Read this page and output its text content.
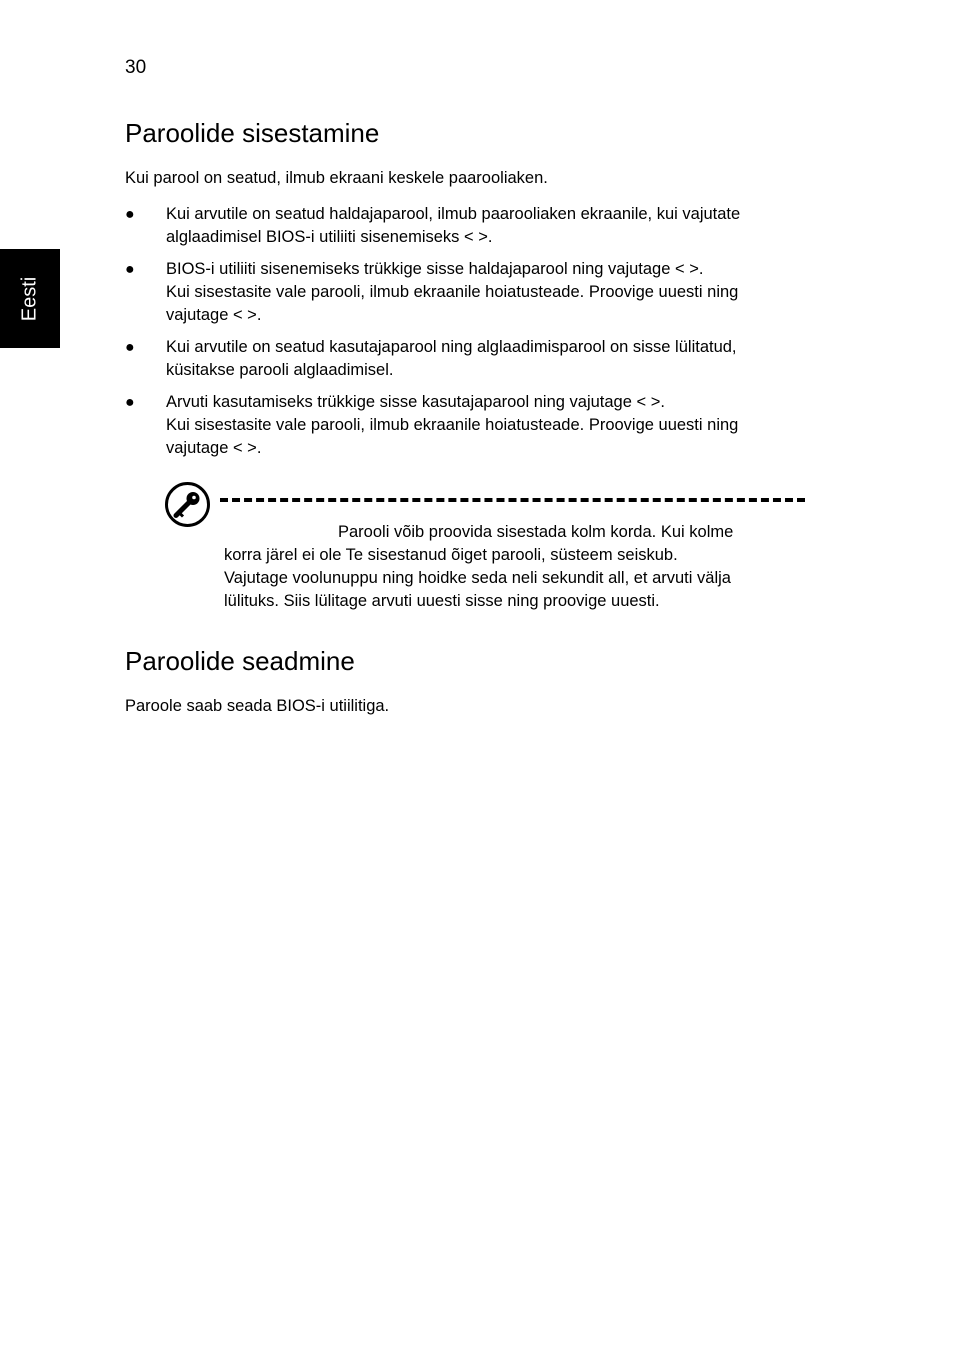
30
Eesti
Paroolide sisestamine

Kui parool on seatud, ilmub ekraani keskele paarooliaken.

● Kui arvutile on seatud haldajaparool, ilmub paarooliaken ekraanile, kui vajutate
alglaadimisel BIOS-i utiliiti sisenemiseks < >.
● BIOS-i utiliiti sisenemiseks trükkige sisse haldajaparool ning vajutage < >.
Kui sisestasite vale parooli, ilmub ekraanile hoiatusteade. Proovige uuesti ning
vajutage < >.
● Kui arvutile on seatud kasutajaparool ning alglaadimisparool on sisse lülitatud,
küsitakse parooli alglaadimisel.
● Arvuti kasutamiseks trükkige sisse kasutajaparool ning vajutage < >.
Kui sisestasite vale parooli, ilmub ekraanile hoiatusteade. Proovige uuesti ning
vajutage < >.
Parooli võib proovida sisestada kolm korda. Kui kolme
korra järel ei ole Te sisestanud õiget parooli, süsteem seiskub.
Vajutage voolunuppu ning hoidke seda neli sekundit all, et arvuti välja
lülituks. Siis lülitage arvuti uuesti sisse ning proovige uuesti.
Paroolide seadmine

Paroole saab seada BIOS-i utiilitiga.
